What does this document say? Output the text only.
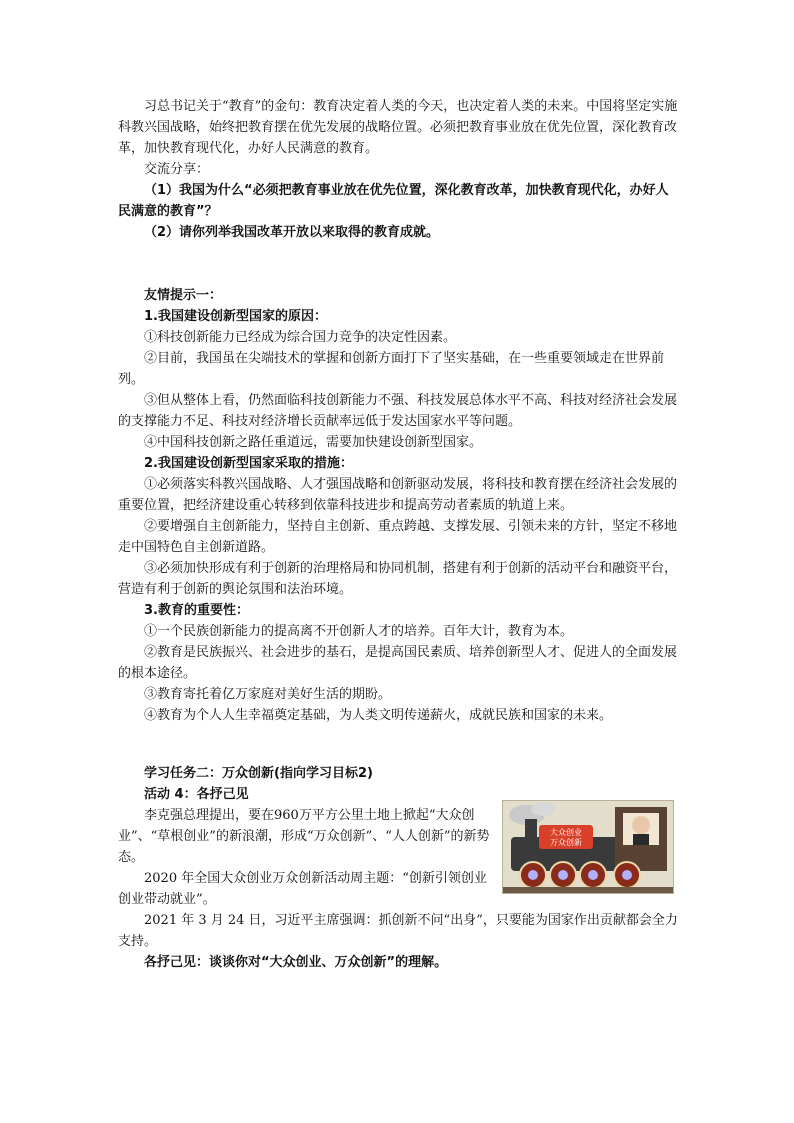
习总书记关于“教育”的金句：教育决定着人类的今天，也决定着人类的未来。中国将坚定实施科教兴国战略，始终把教育摆在优先发展的战略位置。必须把教育事业放在优先位置，深化教育改革，加快教育现代化，办好人民满意的教育。

交流分享：

（1）我国为什么“必须把教育事业放在优先位置，深化教育改革，加快教育现代化，办好人民满意的教育”？

（2）请你列举我国改革开放以来取得的教育成就。

友情提示一：

1.我国建设创新型国家的原因：

①科技创新能力已经成为综合国力竞争的决定性因素。

②目前，我国虽在尖端技术的掌握和创新方面打下了坚实基础，在一些重要领域走在世界前列。

③但从整体上看，仍然面临科技创新能力不强、科技发展总体水平不高、科技对经济社会发展的支撑能力不足、科技对经济增长贡献率远低于发达国家水平等问题。

④中国科技创新之路任重道远，需要加快建设创新型国家。

2.我国建设创新型国家采取的措施：

①必须落实科教兴国战略、人才强国战略和创新驱动发展，将科技和教育摆在经济社会发展的重要位置，把经济建设重心转移到依靠科技进步和提高劳动者素质的轨道上来。

②要增强自主创新能力，坚持自主创新、重点跨越、支撑发展、引领未来的方针，坚定不移地走中国特色自主创新道路。

③必须加快形成有利于创新的治理格局和协同机制，搭建有利于创新的活动平台和融资平台，营造有利于创新的舆论氛围和法治环境。

3.教育的重要性：

①一个民族创新能力的提高离不开创新人才的培养。百年大计，教育为本。

②教育是民族振兴、社会进步的基石，是提高国民素质、培养创新型人才、促进人的全面发展的根本途径。

③教育寄托着亿万家庭对美好生活的期盼。

④教育为个人人生幸福奠定基础，为人类文明传递薪火，成就民族和国家的未来。

学习任务二：万众创新(指向学习目标2)

活动 4：各抒己见

李克强总理提出，要在960万平方公里土地上掀起“大众创业”、“草根创业”的新浪潮，形成“万众创新”、“人人创新”的新势态。

2020 年全国大众创业万众创新活动周主题：“创新引领创业 创业带动就业”。

2021 年 3 月 24 日，习近平主席强调：抓创新不问“出身”，只要能为国家作出贡献都会全力支持。

各抒己见：谈谈你对“大众创业、万众创新”的理解。

大众创业
万众创新
